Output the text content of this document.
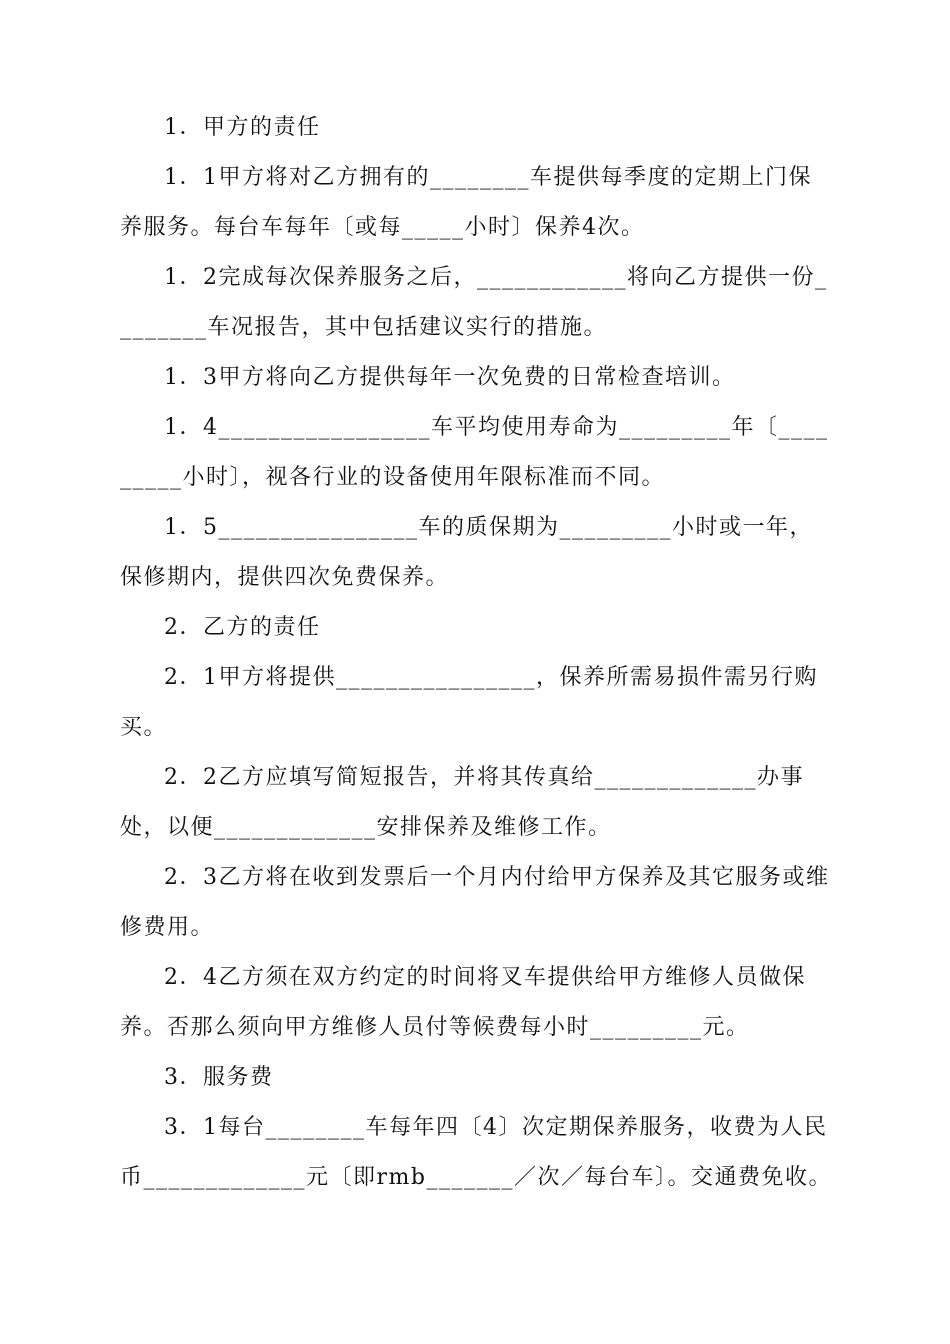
1．甲方的责任

1．1甲方将对乙方拥有的________车提供每季度的定期上门保养服务。每台车每年〔或每_____小时〕保养4次。

1．2完成每次保养服务之后，____________将向乙方提供一份________车况报告，其中包括建议实行的措施。

1．3甲方将向乙方提供每年一次免费的日常检查培训。

1．4_________________车平均使用寿命为_________年〔_________小时〕，视各行业的设备使用年限标准而不同。

1．5________________车的质保期为_________小时或一年，保修期内，提供四次免费保养。

2．乙方的责任

2．1甲方将提供________________，保养所需易损件需另行购买。

2．2乙方应填写简短报告，并将其传真给_____________办事处，以便_____________安排保养及维修工作。

2．3乙方将在收到发票后一个月内付给甲方保养及其它服务或维修费用。

2．4乙方须在双方约定的时间将叉车提供给甲方维修人员做保养。否那么须向甲方维修人员付等候费每小时_________元。

3．服务费

3．1每台________车每年四〔4〕次定期保养服务，收费为人民币_____________元〔即rmb_______／次／每台车〕。交通费免收。
